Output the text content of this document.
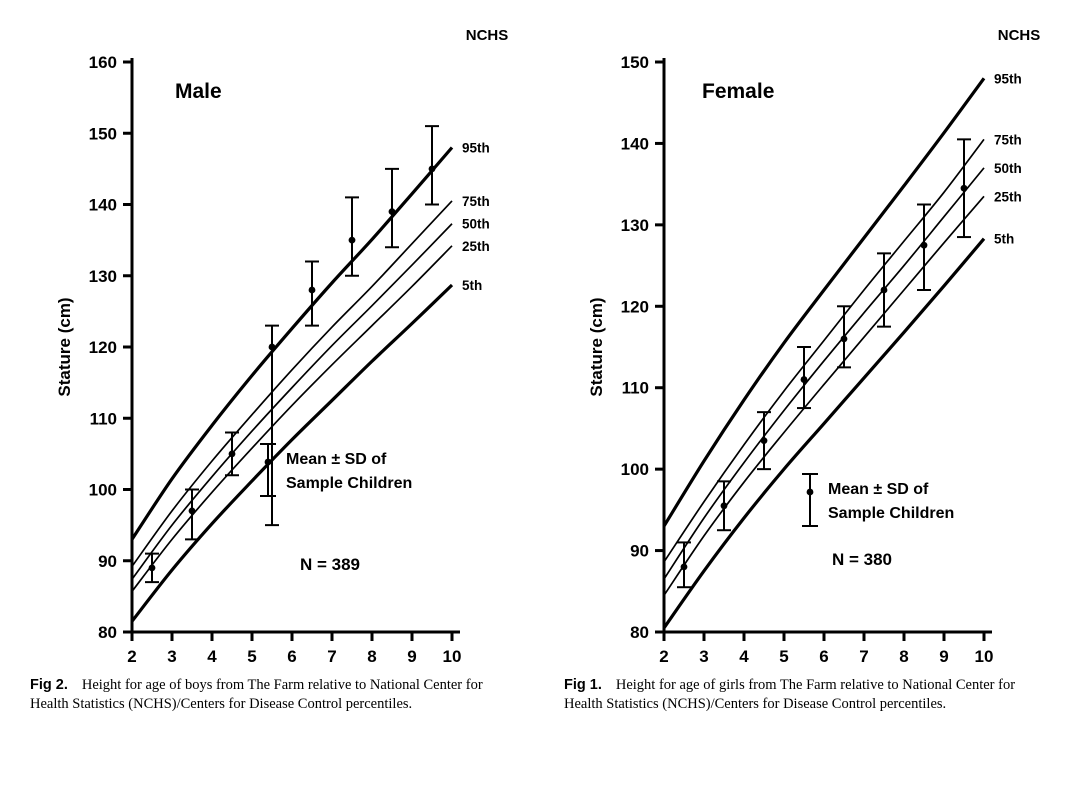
80
90
100
110
120
130
140
150
160
2 3 4 5 6 7 8 9 10
Stature (cm)
95th
75th
50th
25th
5th
NCHS
Male
Mean ± SD of
Sample Children
N = 389
Fig 2. Height for age of boys from The Farm relative to National Center for Health Statistics (NCHS)/Centers for Disease Control percentiles.
80
90
100
110
120
130
140
150
2 3 4 5 6 7 8 9 10
Stature (cm)
95th
75th
50th
25th
5th
NCHS
Female
Mean ± SD of
Sample Children
N = 380
Fig 1. Height for age of girls from The Farm relative to National Center for Health Statistics (NCHS)/Centers for Disease Control percentiles.
